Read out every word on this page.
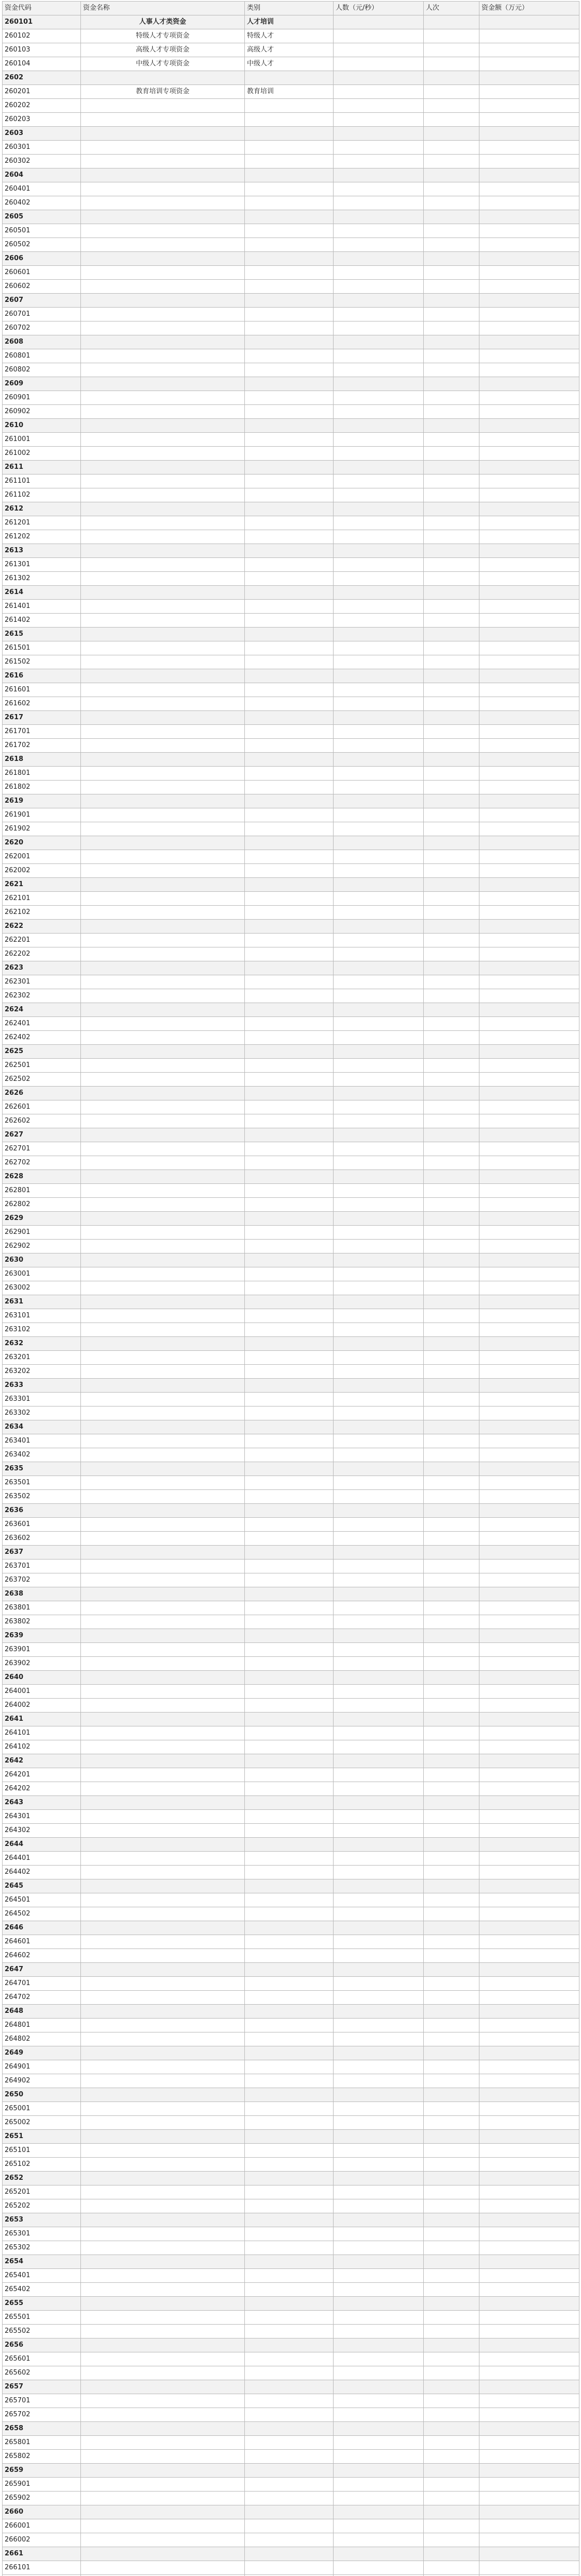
资金代码	资金名称	类别	人数（元/秒）	人次	资金额（万元）
260101	人事人才类资金	人才培训			
260102	特级人才专项资金	特级人才			
260103	高级人才专项资金	高级人才			
260104	中级人才专项资金	中级人才			
2602					
260201	教育培训专项资金	教育培训			
260202					
260203					
2603					
260301					
260302					
2604					
260401					
260402					
2605					
260501					
260502					
2606					
260601					
260602					
2607					
260701					
260702					
2608					
260801					
260802					
2609					
260901					
260902					
2610					
261001					
261002					
2611					
261101					
261102					
2612					
261201					
261202					
2613					
261301					
261302					
2614					
261401					
261402					
2615					
261501					
261502					
2616					
261601					
261602					
2617					
261701					
261702					
2618					
261801					
261802					
2619					
261901					
261902					
2620					
262001					
262002					
2621					
262101					
262102					
2622					
262201					
262202					
2623					
262301					
262302					
2624					
262401					
262402					
2625					
262501					
262502					
2626					
262601					
262602					
2627					
262701					
262702					
2628					
262801					
262802					
2629					
262901					
262902					
2630					
263001					
263002					
2631					
263101					
263102					
2632					
263201					
263202					
2633					
263301					
263302					
2634					
263401					
263402					
2635					
263501					
263502					
2636					
263601					
263602					
2637					
263701					
263702					
2638					
263801					
263802					
2639					
263901					
263902					
2640					
264001					
264002					
2641					
264101					
264102					
2642					
264201					
264202					
2643					
264301					
264302					
2644					
264401					
264402					
2645					
264501					
264502					
2646					
264601					
264602					
2647					
264701					
264702					
2648					
264801					
264802					
2649					
264901					
264902					
2650					
265001					
265002					
2651					
265101					
265102					
2652					
265201					
265202					
2653					
265301					
265302					
2654					
265401					
265402					
2655					
265501					
265502					
2656					
265601					
265602					
2657					
265701					
265702					
2658					
265801					
265802					
2659					
265901					
265902					
2660					
266001					
266002					
2661					
266101					
